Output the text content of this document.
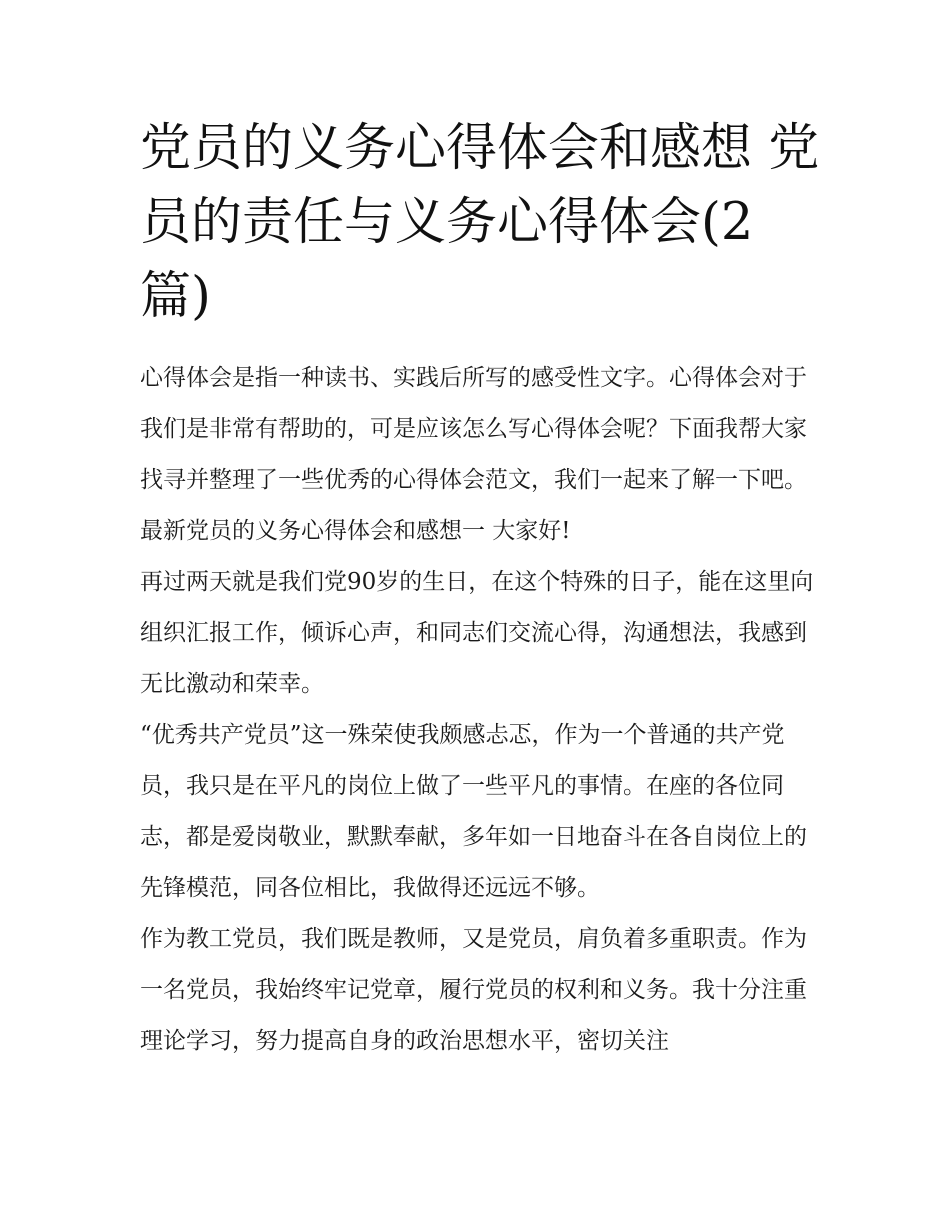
党员的义务心得体会和感想 党员的责任与义务心得体会(2篇)

心得体会是指一种读书、实践后所写的感受性文字。心得体会对于我们是非常有帮助的，可是应该怎么写心得体会呢？下面我帮大家找寻并整理了一些优秀的心得体会范文，我们一起来了解一下吧。

最新党员的义务心得体会和感想一 大家好!

再过两天就是我们党90岁的生日，在这个特殊的日子，能在这里向组织汇报工作，倾诉心声，和同志们交流心得，沟通想法，我感到无比激动和荣幸。

“优秀共产党员”这一殊荣使我颇感忐忑，作为一个普通的共产党员，我只是在平凡的岗位上做了一些平凡的事情。在座的各位同志，都是爱岗敬业，默默奉献，多年如一日地奋斗在各自岗位上的先锋模范，同各位相比，我做得还远远不够。

作为教工党员，我们既是教师，又是党员，肩负着多重职责。作为一名党员，我始终牢记党章，履行党员的权利和义务。我十分注重理论学习，努力提高自身的政治思想水平，密切关注
